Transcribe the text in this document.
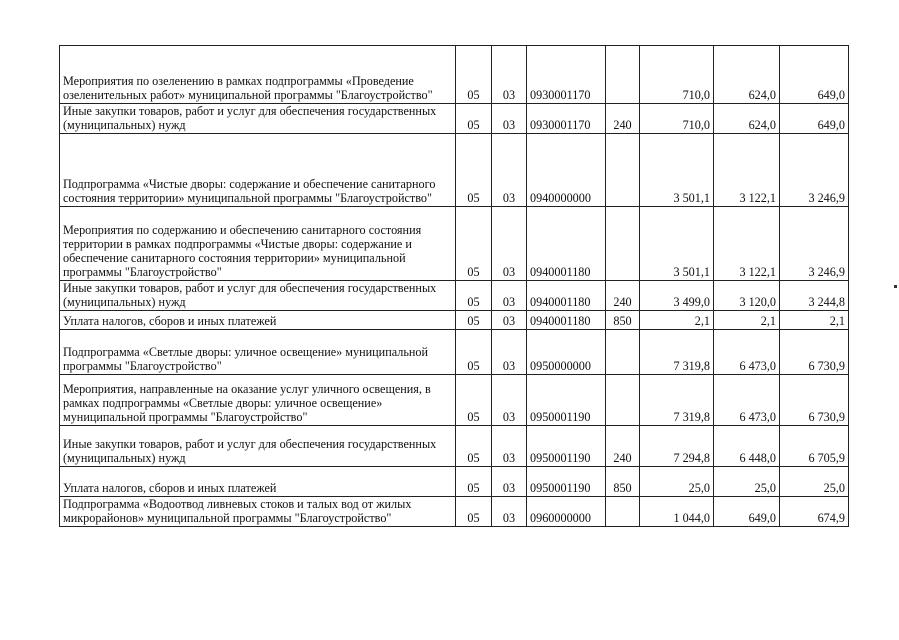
Мероприятия по озеленению в рамках подпрограммы «Проведение озеленительных работ» муниципальной программы "Благоустройство"	05	03	0930001170		710,0	624,0	649,0
Иные закупки товаров, работ и услуг для обеспечения государственных (муниципальных) нужд	05	03	0930001170	240	710,0	624,0	649,0
Подпрограмма «Чистые дворы: содержание и обеспечение санитарного состояния территории» муниципальной программы "Благоустройство"	05	03	0940000000		3 501,1	3 122,1	3 246,9
Мероприятия по содержанию и обеспечению санитарного состояния территории в рамках подпрограммы «Чистые дворы: содержание и обеспечение санитарного состояния территории» муниципальной программы "Благоустройство"	05	03	0940001180		3 501,1	3 122,1	3 246,9
Иные закупки товаров, работ и услуг для обеспечения государственных (муниципальных) нужд	05	03	0940001180	240	3 499,0	3 120,0	3 244,8
Уплата налогов, сборов и иных платежей	05	03	0940001180	850	2,1	2,1	2,1
Подпрограмма «Светлые дворы: уличное освещение» муниципальной программы "Благоустройство"	05	03	0950000000		7 319,8	6 473,0	6 730,9
Мероприятия, направленные на оказание услуг уличного освещения, в рамках подпрограммы «Светлые дворы: уличное освещение» муниципальной программы "Благоустройство"	05	03	0950001190		7 319,8	6 473,0	6 730,9
Иные закупки товаров, работ и услуг для обеспечения государственных (муниципальных) нужд	05	03	0950001190	240	7 294,8	6 448,0	6 705,9
Уплата налогов, сборов и иных платежей	05	03	0950001190	850	25,0	25,0	25,0
Подпрограмма «Водоотвод ливневых стоков и талых вод от жилых микрорайонов» муниципальной программы "Благоустройство"	05	03	0960000000		1 044,0	649,0	674,9
